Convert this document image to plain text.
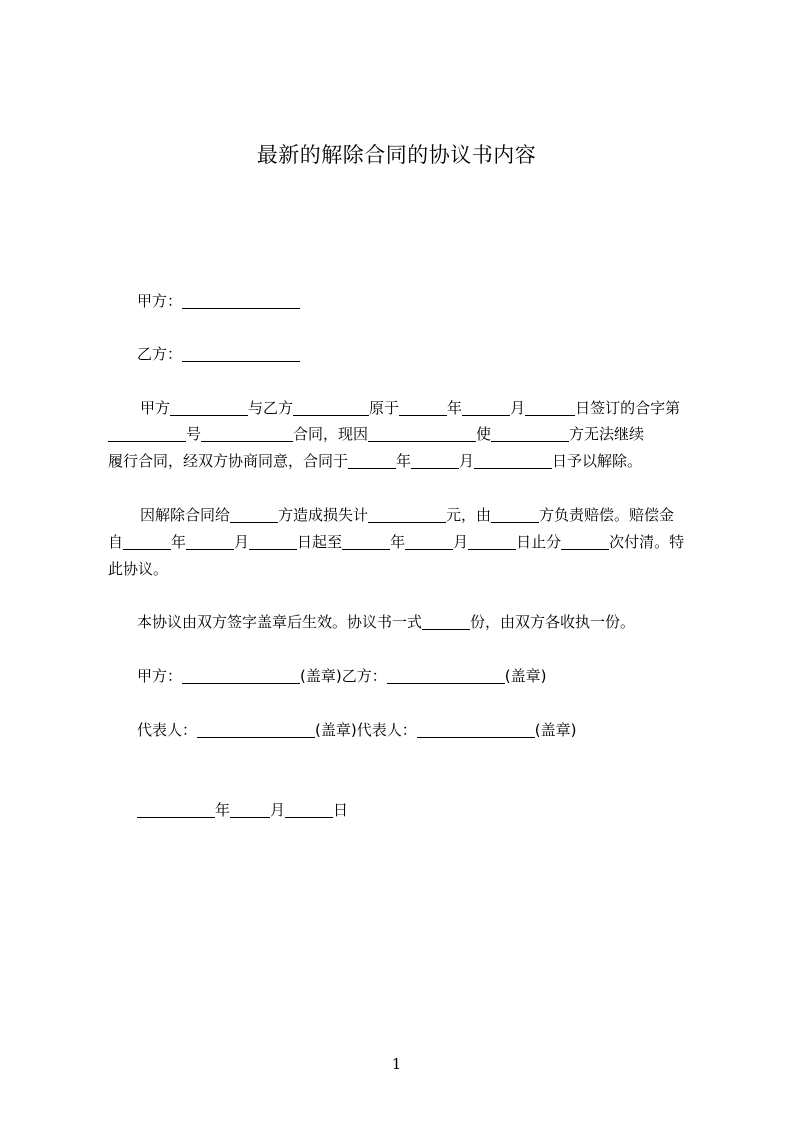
最新的解除合同的协议书内容
甲方：
乙方：
甲方	与乙方	原于	年	月	日签订的合字第
号	合同，现因	使	方无法继续
履行合同，经双方协商同意，合同于	年	月	日予以解除。
因解除合同给	方造成损失计	元，由	方负责赔偿。赔偿金
自	年	月	日起至	年	月	日止分	次付清。特
此协议。
本协议由双方签字盖章后生效。协议书一式	份，由双方各收执一份。
甲方：	(盖章)乙方：	(盖章)
代表人：	(盖章)代表人：	(盖章)
年	月	日
1
